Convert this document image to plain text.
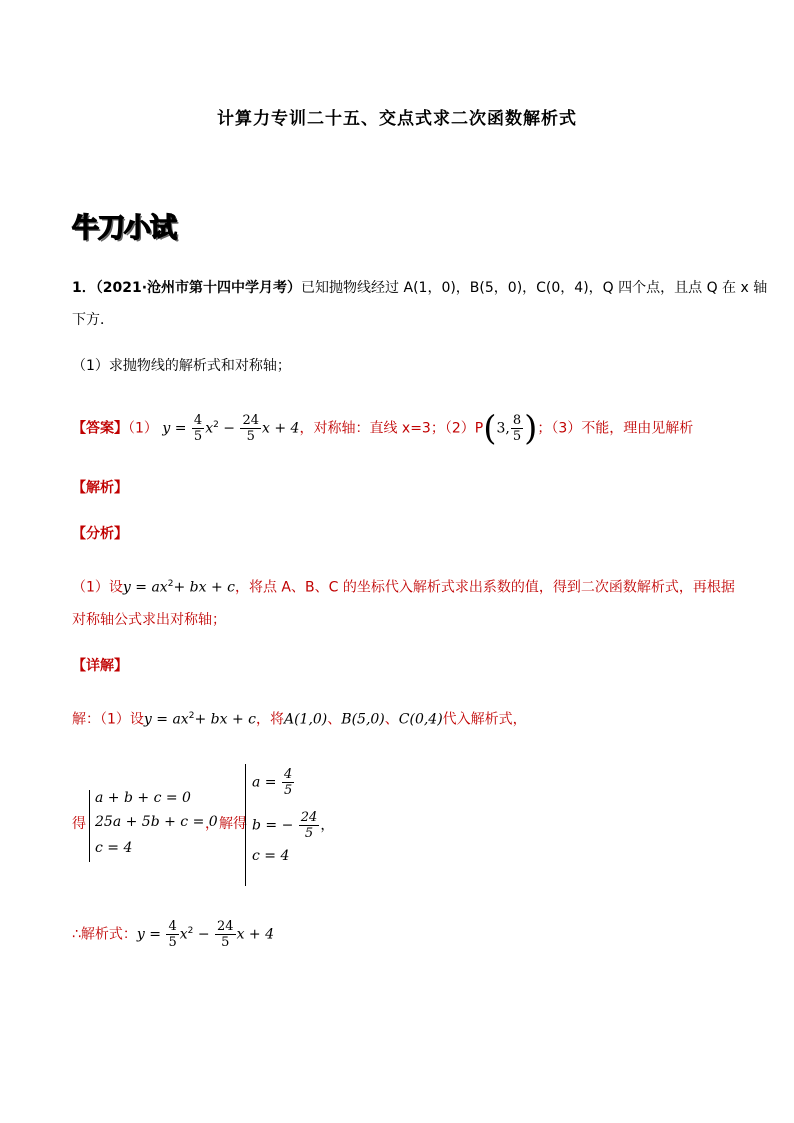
计算力专训二十五、交点式求二次函数解析式
牛刀小试
1．（2021·沧州市第十四中学月考）已知抛物线经过 A(1，0)，B(5，0)，C(0，4)，Q 四个点，且点 Q 在 x 轴
下方．
（1）求抛物线的解析式和对称轴；
【答案】（1） $y = \frac{4}{5} x^2 - \frac{24}{5}$ x + 4，对称轴：直线 x=3；（2）P(3, $\frac{8}{5}$ )；（3）不能，理由见解析
【解析】
【分析】
（1）设$y = ax^2+$ bx + c，将点 A、B、C 的坐标代入解析式求出系数的值，得到二次函数解析式，再根据
对称轴公式求出对称轴；
【详解】
解：（1）设$y = ax^2+$ bx + c，将A(1,0)、B(5,0)、C(0,4)代入解析式，
得
a + b + c = 0
25a + 5b + c = 0
c = 4
，解得
$a = \frac{4}{5}$
b = − $\frac{24}{5}$ ，
c = 4
∴解析式：$y = \frac{4}{5} x^2 - \frac{24}{5}$ x + 4
